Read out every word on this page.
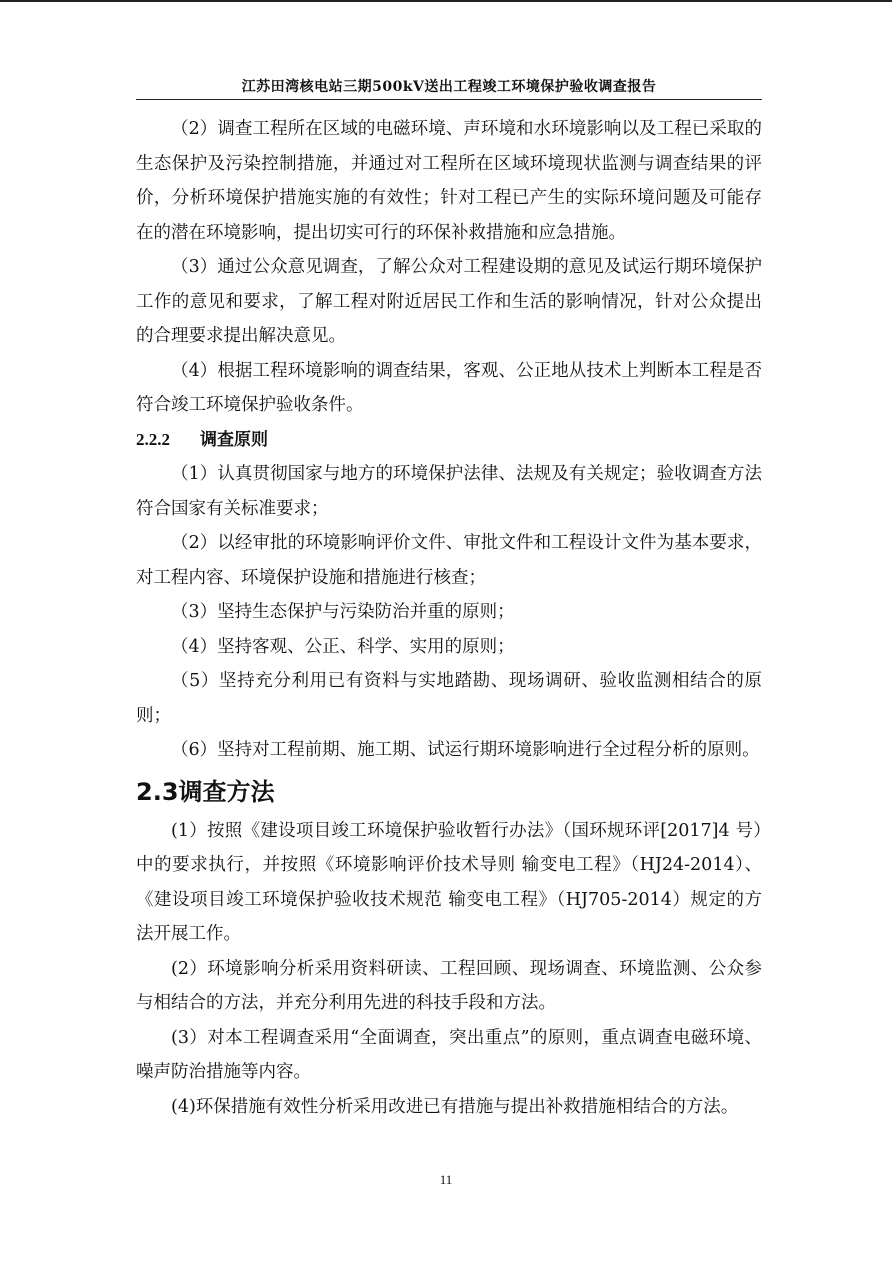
江苏田湾核电站三期500kV送出工程竣工环境保护验收调查报告

（2）调查工程所在区域的电磁环境、声环境和水环境影响以及工程已采取的生态保护及污染控制措施，并通过对工程所在区域环境现状监测与调查结果的评价，分析环境保护措施实施的有效性；针对工程已产生的实际环境问题及可能存在的潜在环境影响，提出切实可行的环保补救措施和应急措施。

（3）通过公众意见调查，了解公众对工程建设期的意见及试运行期环境保护工作的意见和要求，了解工程对附近居民工作和生活的影响情况，针对公众提出的合理要求提出解决意见。

（4）根据工程环境影响的调查结果，客观、公正地从技术上判断本工程是否符合竣工环境保护验收条件。

2.2.2 调查原则

（1）认真贯彻国家与地方的环境保护法律、法规及有关规定；验收调查方法符合国家有关标准要求；

（2）以经审批的环境影响评价文件、审批文件和工程设计文件为基本要求，对工程内容、环境保护设施和措施进行核查；

（3）坚持生态保护与污染防治并重的原则；

（4）坚持客观、公正、科学、实用的原则；

（5）坚持充分利用已有资料与实地踏勘、现场调研、验收监测相结合的原则；

（6）坚持对工程前期、施工期、试运行期环境影响进行全过程分析的原则。

2.3调查方法

(1）按照《建设项目竣工环境保护验收暂行办法》（国环规环评[2017]4 号）中的要求执行，并按照《环境影响评价技术导则 输变电工程》（HJ24-2014）、《建设项目竣工环境保护验收技术规范 输变电工程》（HJ705-2014）规定的方法开展工作。

(2）环境影响分析采用资料研读、工程回顾、现场调查、环境监测、公众参与相结合的方法，并充分利用先进的科技手段和方法。

(3）对本工程调查采用“全面调查，突出重点”的原则，重点调查电磁环境、噪声防治措施等内容。

(4)环保措施有效性分析采用改进已有措施与提出补救措施相结合的方法。

11
